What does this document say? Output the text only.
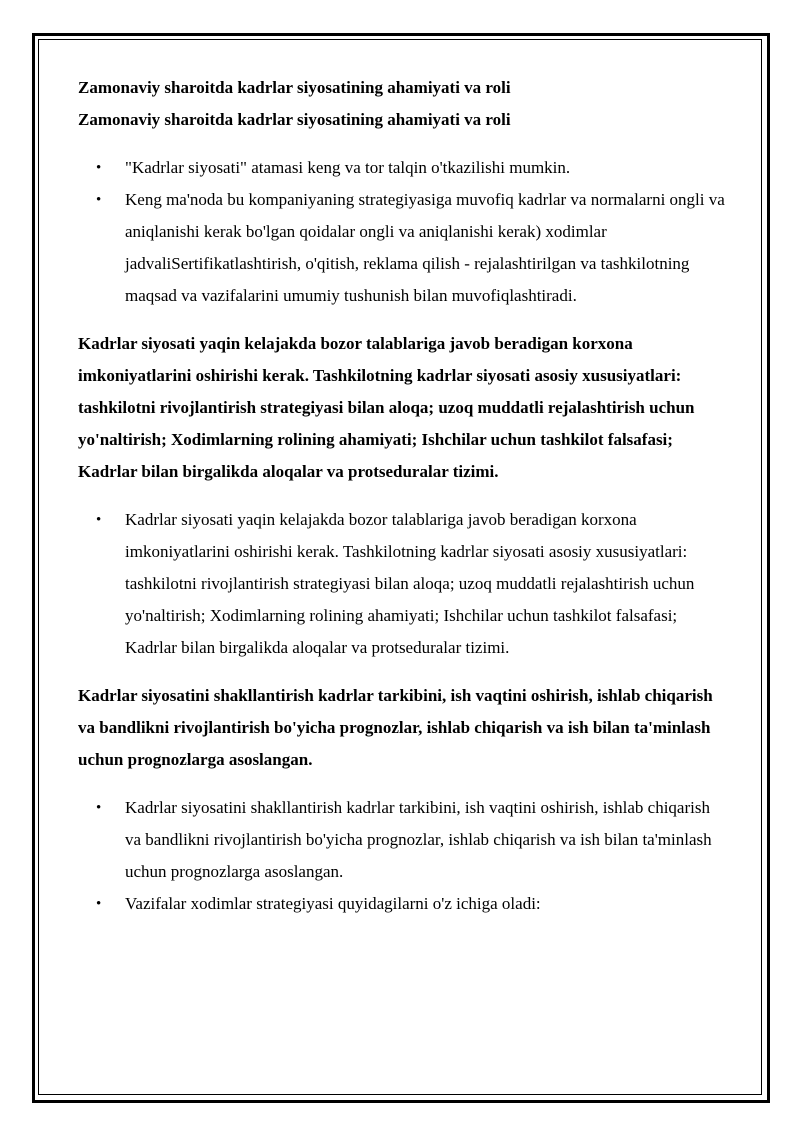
Zamonaviy sharoitda kadrlar siyosatining ahamiyati va roli

Zamonaviy sharoitda kadrlar siyosatining ahamiyati va roli

• "Kadrlar siyosati" atamasi keng va tor talqin o'tkazilishi mumkin.
• Keng ma'noda bu kompaniyaning strategiyasiga muvofiq kadrlar va normalarni ongli va aniqlanishi kerak bo'lgan qoidalar ongli va aniqlanishi kerak) xodimlar jadvaliSertifikatlashtirish, o'qitish, reklama qilish - rejalashtirilgan va tashkilotning maqsad va vazifalarini umumiy tushunish bilan muvofiqlashtiradi.

Kadrlar siyosati yaqin kelajakda bozor talablariga javob beradigan korxona imkoniyatlarini oshirishi kerak. Tashkilotning kadrlar siyosati asosiy xususiyatlari: tashkilotni rivojlantirish strategiyasi bilan aloqa; uzoq muddatli rejalashtirish uchun yo'naltirish; Xodimlarning rolining ahamiyati; Ishchilar uchun tashkilot falsafasi; Kadrlar bilan birgalikda aloqalar va protseduralar tizimi.

• Kadrlar siyosati yaqin kelajakda bozor talablariga javob beradigan korxona imkoniyatlarini oshirishi kerak. Tashkilotning kadrlar siyosati asosiy xususiyatlari: tashkilotni rivojlantirish strategiyasi bilan aloqa; uzoq muddatli rejalashtirish uchun yo'naltirish; Xodimlarning rolining ahamiyati; Ishchilar uchun tashkilot falsafasi; Kadrlar bilan birgalikda aloqalar va protseduralar tizimi.

Kadrlar siyosatini shakllantirish kadrlar tarkibini, ish vaqtini oshirish, ishlab chiqarish va bandlikni rivojlantirish bo'yicha prognozlar, ishlab chiqarish va ish bilan ta'minlash uchun prognozlarga asoslangan.

• Kadrlar siyosatini shakllantirish kadrlar tarkibini, ish vaqtini oshirish, ishlab chiqarish va bandlikni rivojlantirish bo'yicha prognozlar, ishlab chiqarish va ish bilan ta'minlash uchun prognozlarga asoslangan.
• Vazifalar xodimlar strategiyasi quyidagilarni o'z ichiga oladi:
